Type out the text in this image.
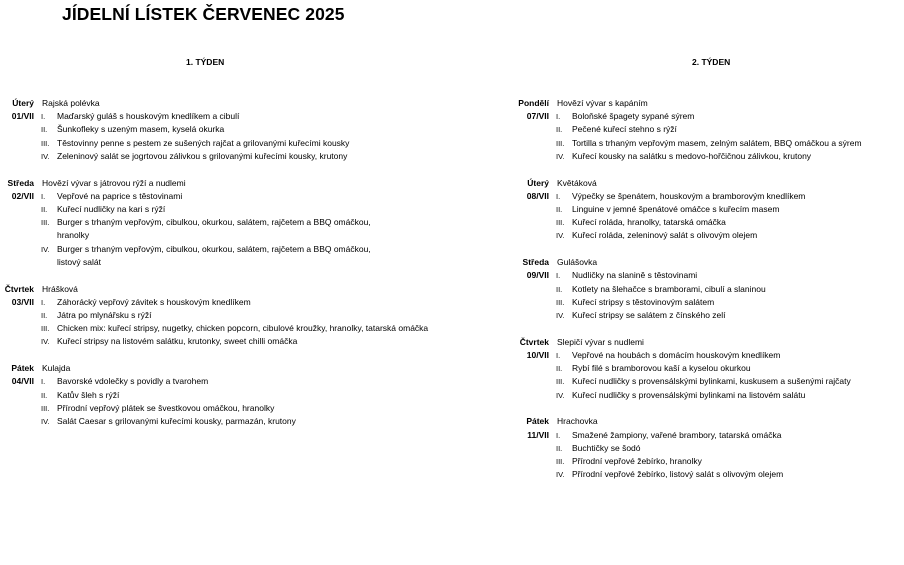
JÍDELNÍ LÍSTEK ČERVENEC 2025
1. TÝDEN	2. TÝDEN
Úterý Rajská polévka
01/VII I.	Maďarský guláš s houskovým knedlíkem a cibulí
II.	Šunkofleky s uzeným masem, kyselá okurka
III. Těstovinny penne s pestem ze sušených rajčat a grilovanými kuřecími kousky
IV. Zeleninový salát se jogrtovou zálivkou s grilovanými kuřecími kousky, krutony
Středa Hovězí vývar s játrovou rýží a nudlemi
02/VII I.	Vepřové na paprice s těstovinami
II.	Kuřecí nudličky na kari s rýží
III. Burger s trhaným vepřovým, cibulkou, okurkou, salátem, rajčetem a BBQ omáčkou,
hranolky
IV. Burger s trhaným vepřovým, cibulkou, okurkou, salátem, rajčetem a BBQ omáčkou,
listový salát
Čtvrtek Hrášková
03/VII I.	Záhorácký vepřový závitek s houskovým knedlíkem
II.	Játra po mlynářsku s rýží
III. Chicken mix: kuřecí stripsy, nugetky, chicken popcorn, cibulové kroužky, hranolky, tatarská omáčka
IV. Kuřecí stripsy na listovém salátku, krutonky, sweet chilli omáčka
Pátek Kulajda
04/VII I.	Bavorské vdolečky s povidly a tvarohem
II.	Katův šleh s rýží
III. Přírodní vepřový plátek se švestkovou omáčkou, hranolky
IV. Salát Caesar s grilovanými kuřecími kousky, parmazán, krutony
Pondělí Hovězí vývar s kapáním
07/VII I.	Boloňské špagety sypané sýrem
II.	Pečené kuřecí stehno s rýží
III. Tortilla s trhaným vepřovým masem, zelným salátem, BBQ omáčkou a sýrem
IV. Kuřecí kousky na salátku s medovo-hořčičnou zálivkou, krutony
Úterý Květáková
08/VII I.	Výpečky se špenátem, houskovým a bramborovým knedlíkem
II.	Linguine v jemné špenátové omáčce s kuřecím masem
III. Kuřecí roláda, hranolky, tatarská omáčka
IV. Kuřecí roláda, zeleninový salát s olivovým olejem
Středa Gulášovka
09/VII I.	Nudličky na slanině s těstovinami
II.	Kotlety na šlehačce s bramborami, cibulí a slaninou
III. Kuřecí stripsy s těstovinovým salátem
IV. Kuřecí stripsy se salátem z čínského zelí
Čtvrtek Slepičí vývar s nudlemi
10/VII I.	Vepřové na houbách s domácím houskovým knedlíkem
II.	Rybí filé s bramborovou kaší a kyselou okurkou
III. Kuřecí nudličky s provensálskými bylinkami, kuskusem a sušenými rajčaty
IV. Kuřecí nudličky s provensálskými bylinkami na listovém salátu
Pátek Hrachovka
11/VII I.	Smažené žampiony, vařené brambory, tatarská omáčka
II.	Buchtičky se šodó
III. Přírodní vepřové žebírko, hranolky
IV. Přírodní vepřové žebírko, listový salát s olivovým olejem
